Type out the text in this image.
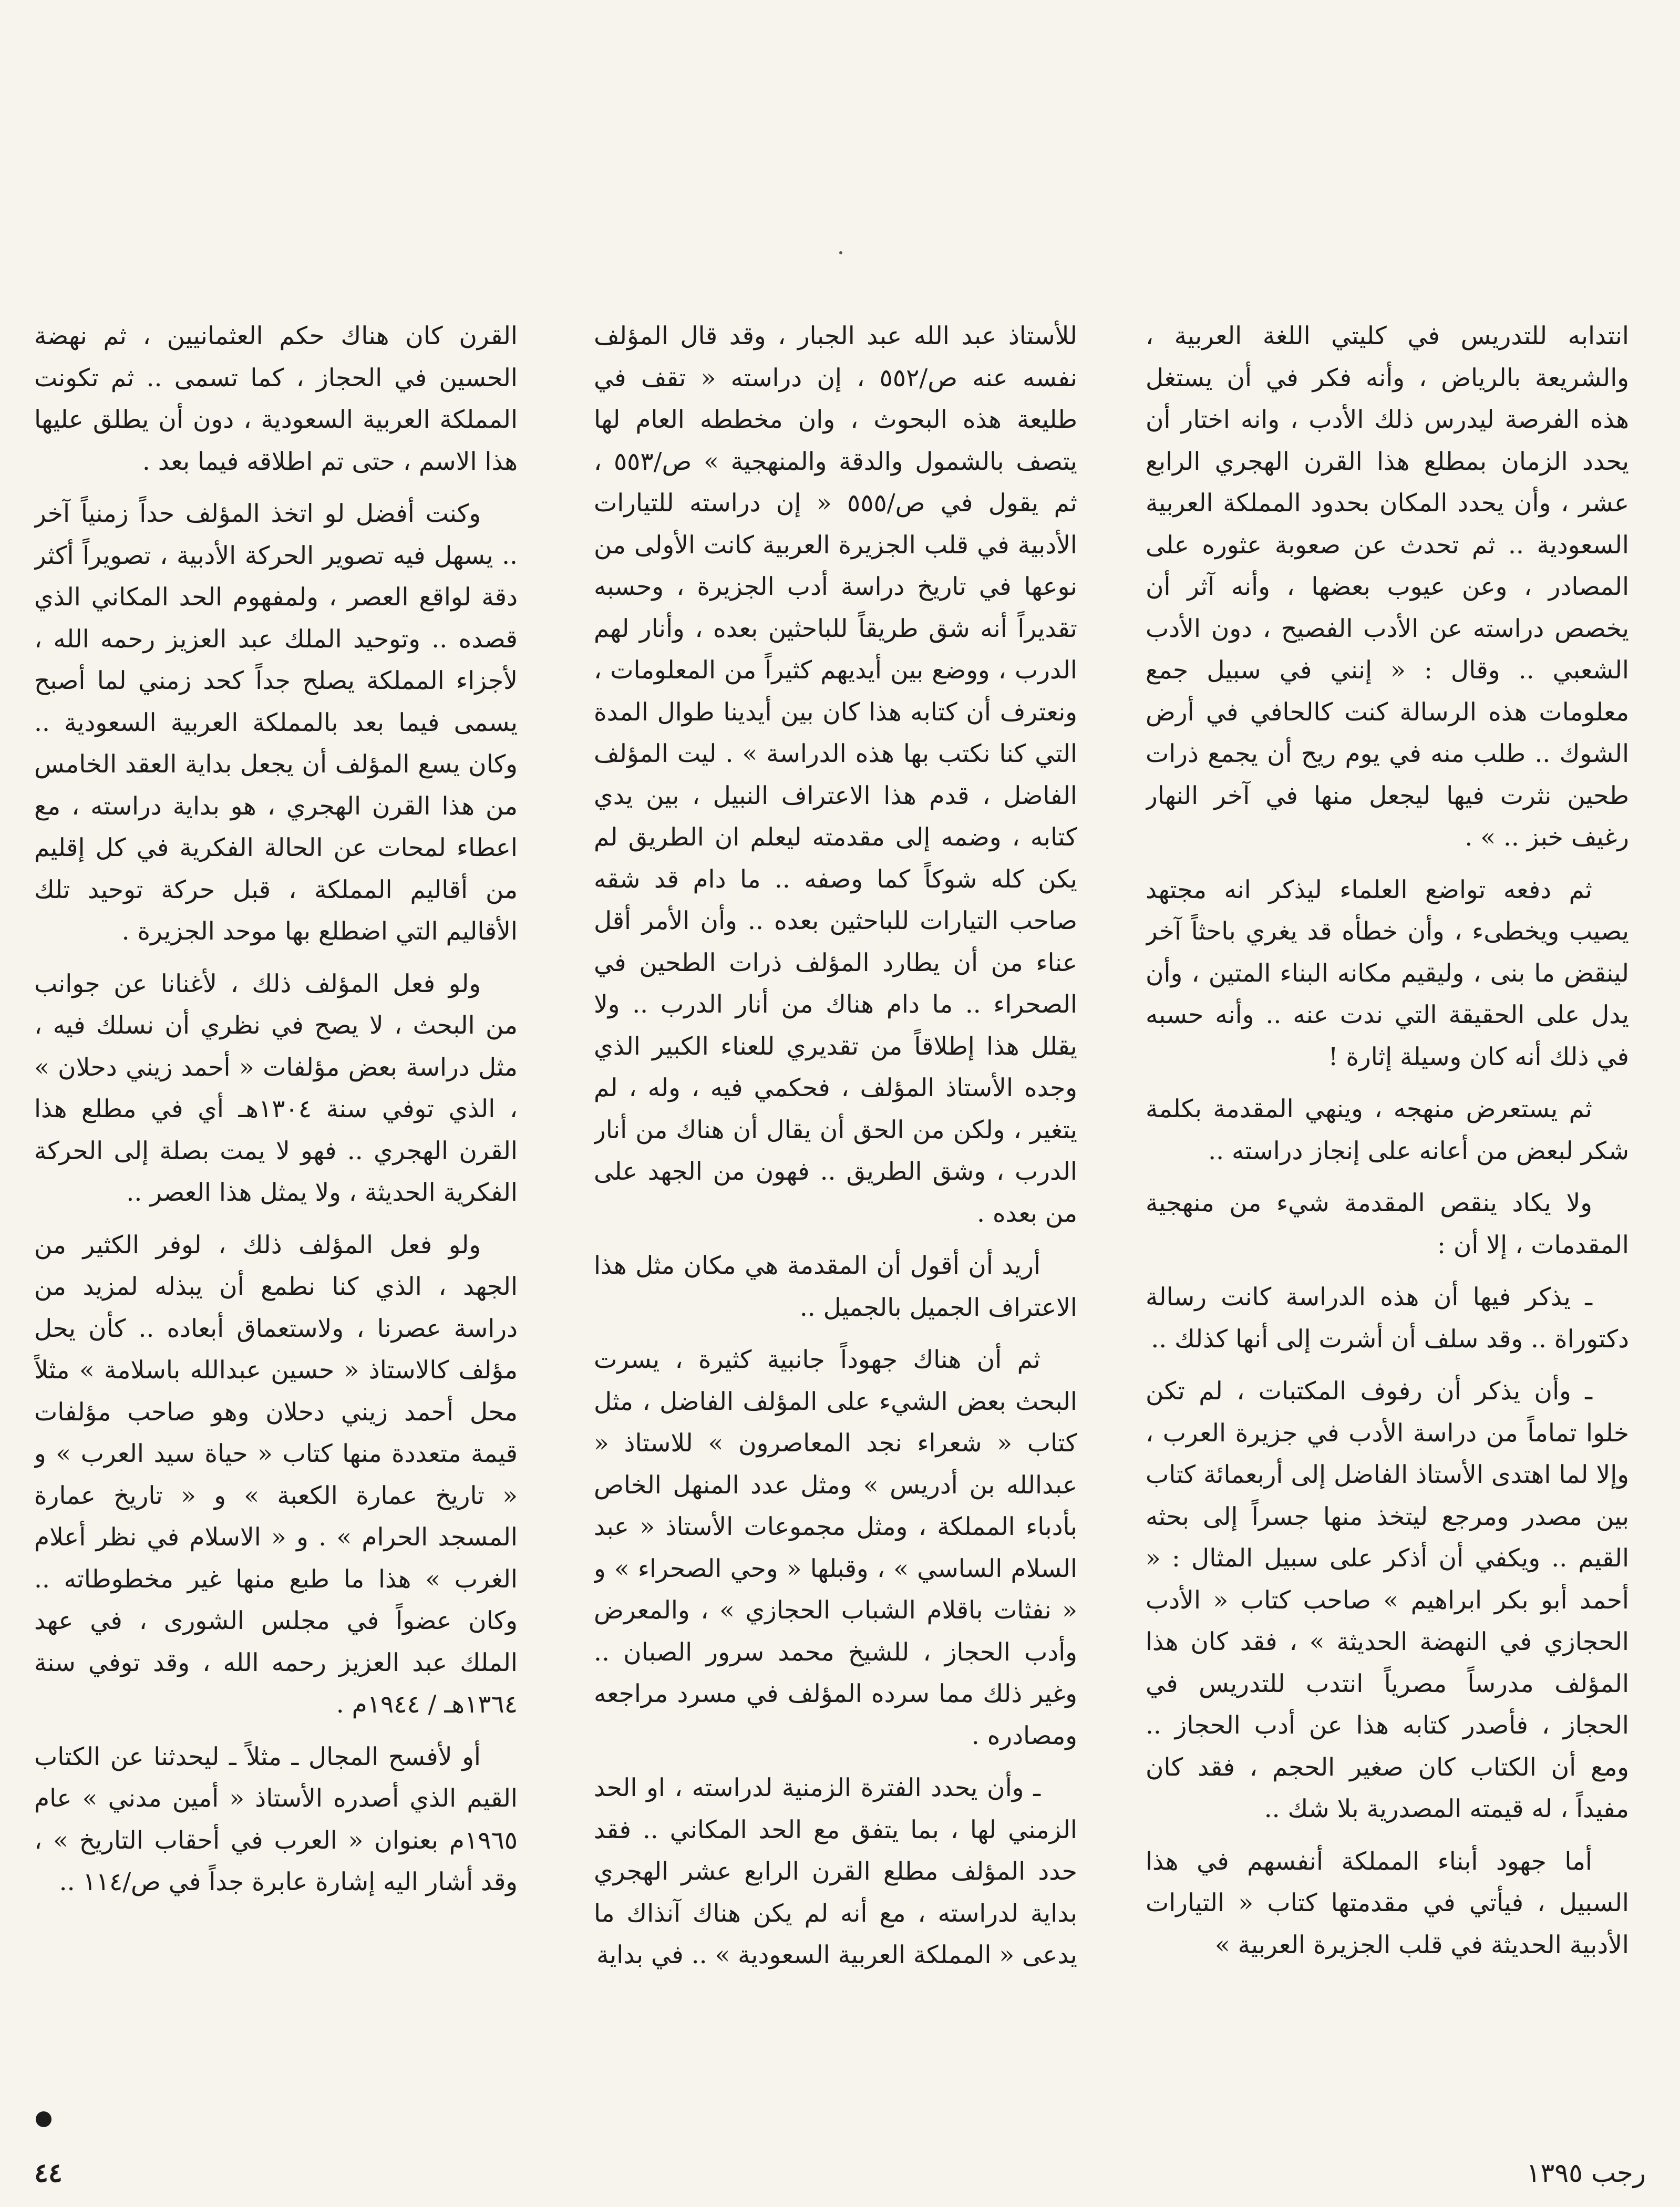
انتدابه للتدريس في كليتي اللغة العربية ، والشريعة بالرياض ، وأنه فكر في أن يستغل هذه الفرصة ليدرس ذلك الأدب ، وانه اختار أن يحدد الزمان بمطلع هذا القرن الهجري الرابع عشر ، وأن يحدد المكان بحدود المملكة العربية السعودية .. ثم تحدث عن صعوبة عثوره على المصادر ، وعن عيوب بعضها ، وأنه آثر أن يخصص دراسته عن الأدب الفصيح ، دون الأدب الشعبي .. وقال : « إنني في سبيل جمع معلومات هذه الرسالة كنت كالحافي في أرض الشوك .. طلب منه في يوم ريح أن يجمع ذرات طحين نثرت فيها ليجعل منها في آخر النهار رغيف خبز .. » .

ثم دفعه تواضع العلماء ليذكر انه مجتهد يصيب ويخطىء ، وأن خطأه قد يغري باحثاً آخر لينقض ما بنى ، وليقيم مكانه البناء المتين ، وأن يدل على الحقيقة التي ندت عنه .. وأنه حسبه في ذلك أنه كان وسيلة إثارة !

ثم يستعرض منهجه ، وينهي المقدمة بكلمة شكر لبعض من أعانه على إنجاز دراسته ..

ولا يكاد ينقص المقدمة شيء من منهجية المقدمات ، إلا أن :

ـ يذكر فيها أن هذه الدراسة كانت رسالة دكتوراة .. وقد سلف أن أشرت إلى أنها كذلك ..

ـ وأن يذكر أن رفوف المكتبات ، لم تكن خلوا تماماً من دراسة الأدب في جزيرة العرب ، وإلا لما اهتدى الأستاذ الفاضل إلى أربعمائة كتاب بين مصدر ومرجع ليتخذ منها جسراً إلى بحثه القيم .. ويكفي أن أذكر على سبيل المثال : « أحمد أبو بكر ابراهيم » صاحب كتاب « الأدب الحجازي في النهضة الحديثة » ، فقد كان هذا المؤلف مدرساً مصرياً انتدب للتدريس في الحجاز ، فأصدر كتابه هذا عن أدب الحجاز .. ومع أن الكتاب كان صغير الحجم ، فقد كان مفيداً ، له قيمته المصدرية بلا شك ..

أما جهود أبناء المملكة أنفسهم في هذا السبيل ، فيأتي في مقدمتها كتاب « التيارات الأدبية الحديثة في قلب الجزيرة العربية »

للأستاذ عبد الله عبد الجبار ، وقد قال المؤلف نفسه عنه ص/٥٥٢ ، إن دراسته « تقف في طليعة هذه البحوث ، وان مخططه العام لها يتصف بالشمول والدقة والمنهجية » ص/٥٥٣ ، ثم يقول في ص/٥٥٥ « إن دراسته للتيارات الأدبية في قلب الجزيرة العربية كانت الأولى من نوعها في تاريخ دراسة أدب الجزيرة ، وحسبه تقديراً أنه شق طريقاً للباحثين بعده ، وأنار لهم الدرب ، ووضع بين أيديهم كثيراً من المعلومات ، ونعترف أن كتابه هذا كان بين أيدينا طوال المدة التي كنا نكتب بها هذه الدراسة » . ليت المؤلف الفاضل ، قدم هذا الاعتراف النبيل ، بين يدي كتابه ، وضمه إلى مقدمته ليعلم ان الطريق لم يكن كله شوكاً كما وصفه .. ما دام قد شقه صاحب التيارات للباحثين بعده .. وأن الأمر أقل عناء من أن يطارد المؤلف ذرات الطحين في الصحراء .. ما دام هناك من أنار الدرب .. ولا يقلل هذا إطلاقاً من تقديري للعناء الكبير الذي وجده الأستاذ المؤلف ، فحكمي فيه ، وله ، لم يتغير ، ولكن من الحق أن يقال أن هناك من أنار الدرب ، وشق الطريق .. فهون من الجهد على من بعده .

أريد أن أقول أن المقدمة هي مكان مثل هذا الاعتراف الجميل بالجميل ..

ثم أن هناك جهوداً جانبية كثيرة ، يسرت البحث بعض الشيء على المؤلف الفاضل ، مثل كتاب « شعراء نجد المعاصرون » للاستاذ « عبدالله بن أدريس » ومثل عدد المنهل الخاص بأدباء المملكة ، ومثل مجموعات الأستاذ « عبد السلام الساسي » ، وقبلها « وحي الصحراء » و « نفثات باقلام الشباب الحجازي » ، والمعرض وأدب الحجاز ، للشيخ محمد سرور الصبان .. وغير ذلك مما سرده المؤلف في مسرد مراجعه ومصادره .

ـ وأن يحدد الفترة الزمنية لدراسته ، او الحد الزمني لها ، بما يتفق مع الحد المكاني .. فقد حدد المؤلف مطلع القرن الرابع عشر الهجري بداية لدراسته ، مع أنه لم يكن هناك آنذاك ما يدعى « المملكة العربية السعودية » .. في بداية

القرن كان هناك حكم العثمانيين ، ثم نهضة الحسين في الحجاز ، كما تسمى .. ثم تكونت المملكة العربية السعودية ، دون أن يطلق عليها هذا الاسم ، حتى تم اطلاقه فيما بعد .

وكنت أفضل لو اتخذ المؤلف حداً زمنياً آخر .. يسهل فيه تصوير الحركة الأدبية ، تصويراً أكثر دقة لواقع العصر ، ولمفهوم الحد المكاني الذي قصده .. وتوحيد الملك عبد العزيز رحمه الله ، لأجزاء المملكة يصلح جداً كحد زمني لما أصبح يسمى فيما بعد بالمملكة العربية السعودية .. وكان يسع المؤلف أن يجعل بداية العقد الخامس من هذا القرن الهجري ، هو بداية دراسته ، مع اعطاء لمحات عن الحالة الفكرية في كل إقليم من أقاليم المملكة ، قبل حركة توحيد تلك الأقاليم التي اضطلع بها موحد الجزيرة .

ولو فعل المؤلف ذلك ، لأغنانا عن جوانب من البحث ، لا يصح في نظري أن نسلك فيه ، مثل دراسة بعض مؤلفات « أحمد زيني دحلان » ، الذي توفي سنة ١٣٠٤هـ أي في مطلع هذا القرن الهجري .. فهو لا يمت بصلة إلى الحركة الفكرية الحديثة ، ولا يمثل هذا العصر ..

ولو فعل المؤلف ذلك ، لوفر الكثير من الجهد ، الذي كنا نطمع أن يبذله لمزيد من دراسة عصرنا ، ولاستعماق أبعاده .. كأن يحل مؤلف كالاستاذ « حسين عبدالله باسلامة » مثلاً محل أحمد زيني دحلان وهو صاحب مؤلفات قيمة متعددة منها كتاب « حياة سيد العرب » و « تاريخ عمارة الكعبة » و « تاريخ عمارة المسجد الحرام » . و « الاسلام في نظر أعلام الغرب » هذا ما طبع منها غير مخطوطاته .. وكان عضواً في مجلس الشورى ، في عهد الملك عبد العزيز رحمه الله ، وقد توفي سنة ١٣٦٤هـ / ١٩٤٤م .

أو لأفسح المجال ـ مثلاً ـ ليحدثنا عن الكتاب القيم الذي أصدره الأستاذ « أمين مدني » عام ١٩٦٥م بعنوان « العرب في أحقاب التاريخ » ، وقد أشار اليه إشارة عابرة جداً في ص/١١٤ ..

رجب ١٣٩٥
٤٤
